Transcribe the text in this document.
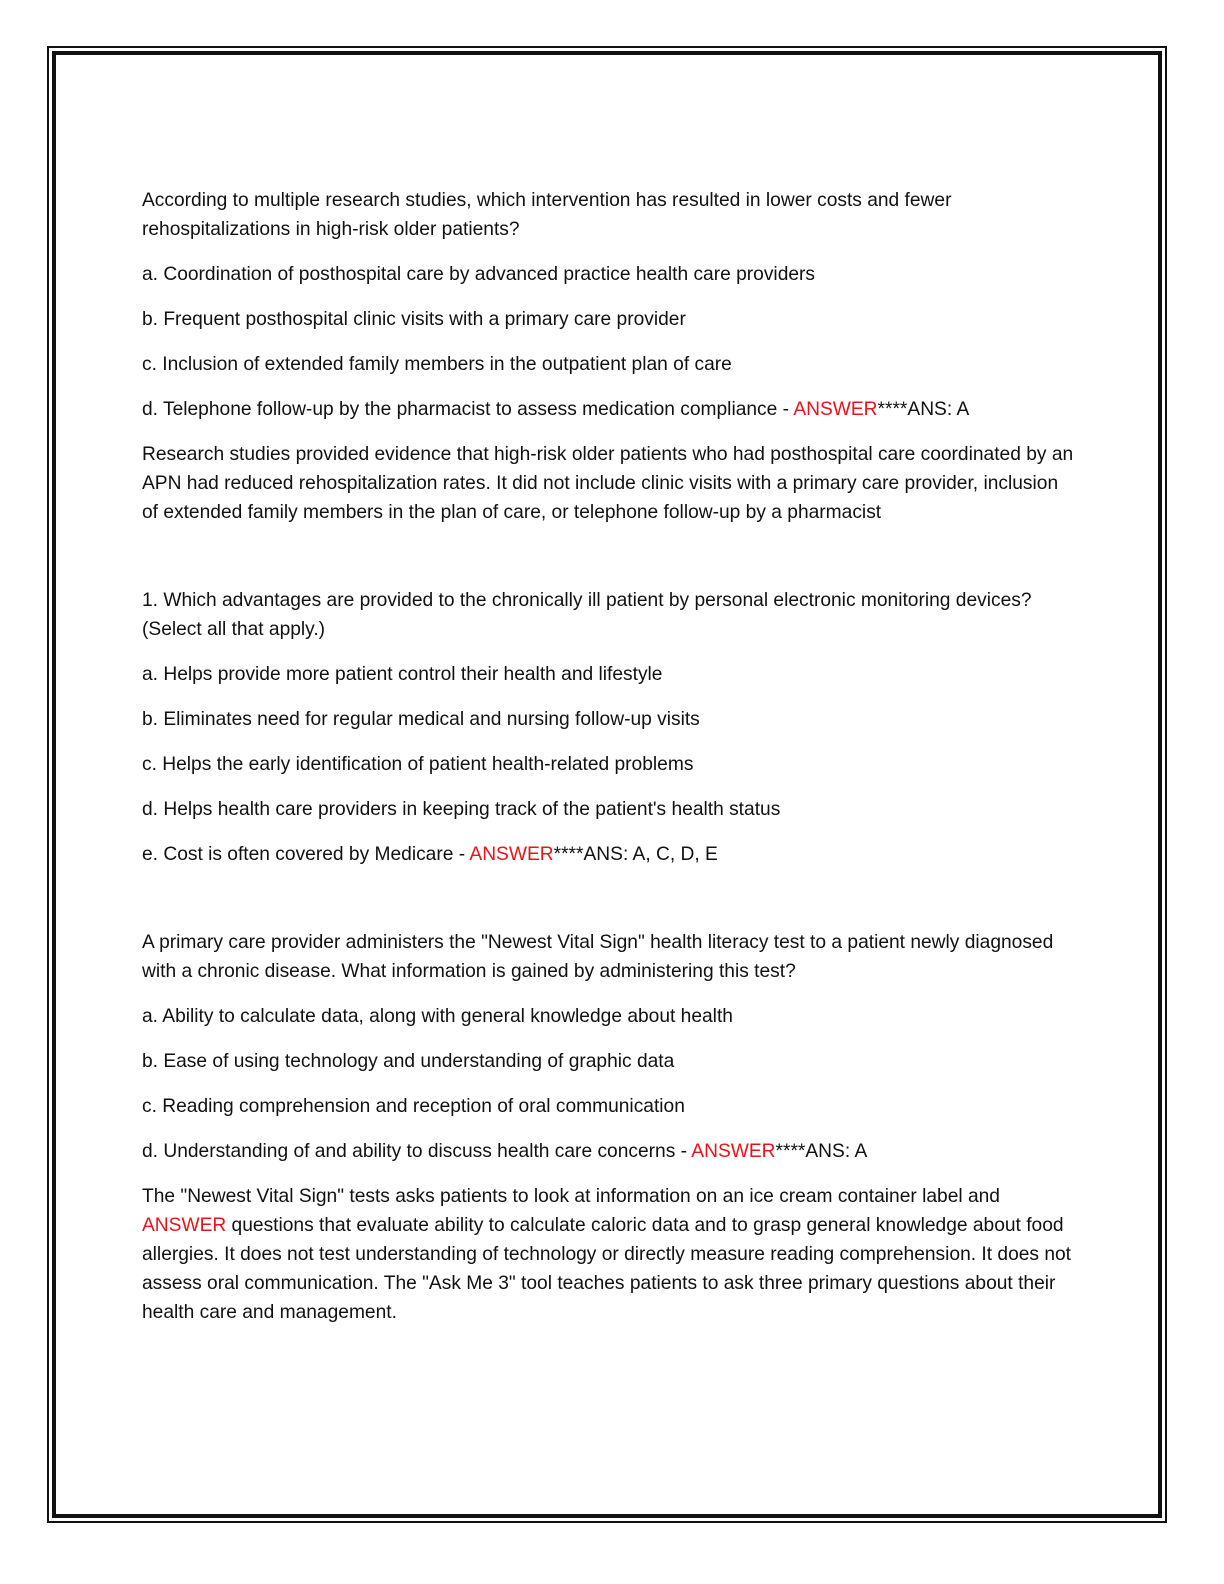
According to multiple research studies, which intervention has resulted in lower costs and fewer rehospitalizations in high-risk older patients?

a. Coordination of posthospital care by advanced practice health care providers

b. Frequent posthospital clinic visits with a primary care provider

c. Inclusion of extended family members in the outpatient plan of care

d. Telephone follow-up by the pharmacist to assess medication compliance - ANSWER****ANS: A

Research studies provided evidence that high-risk older patients who had posthospital care coordinated by an APN had reduced rehospitalization rates. It did not include clinic visits with a primary care provider, inclusion of extended family members in the plan of care, or telephone follow-up by a pharmacist

1. Which advantages are provided to the chronically ill patient by personal electronic monitoring devices? (Select all that apply.)

a. Helps provide more patient control their health and lifestyle

b. Eliminates need for regular medical and nursing follow-up visits

c. Helps the early identification of patient health-related problems

d. Helps health care providers in keeping track of the patient's health status

e. Cost is often covered by Medicare - ANSWER****ANS: A, C, D, E

A primary care provider administers the "Newest Vital Sign" health literacy test to a patient newly diagnosed with a chronic disease. What information is gained by administering this test?

a. Ability to calculate data, along with general knowledge about health

b. Ease of using technology and understanding of graphic data

c. Reading comprehension and reception of oral communication

d. Understanding of and ability to discuss health care concerns - ANSWER****ANS: A

The "Newest Vital Sign" tests asks patients to look at information on an ice cream container label and ANSWER questions that evaluate ability to calculate caloric data and to grasp general knowledge about food allergies. It does not test understanding of technology or directly measure reading comprehension. It does not assess oral communication. The "Ask Me 3" tool teaches patients to ask three primary questions about their health care and management.
